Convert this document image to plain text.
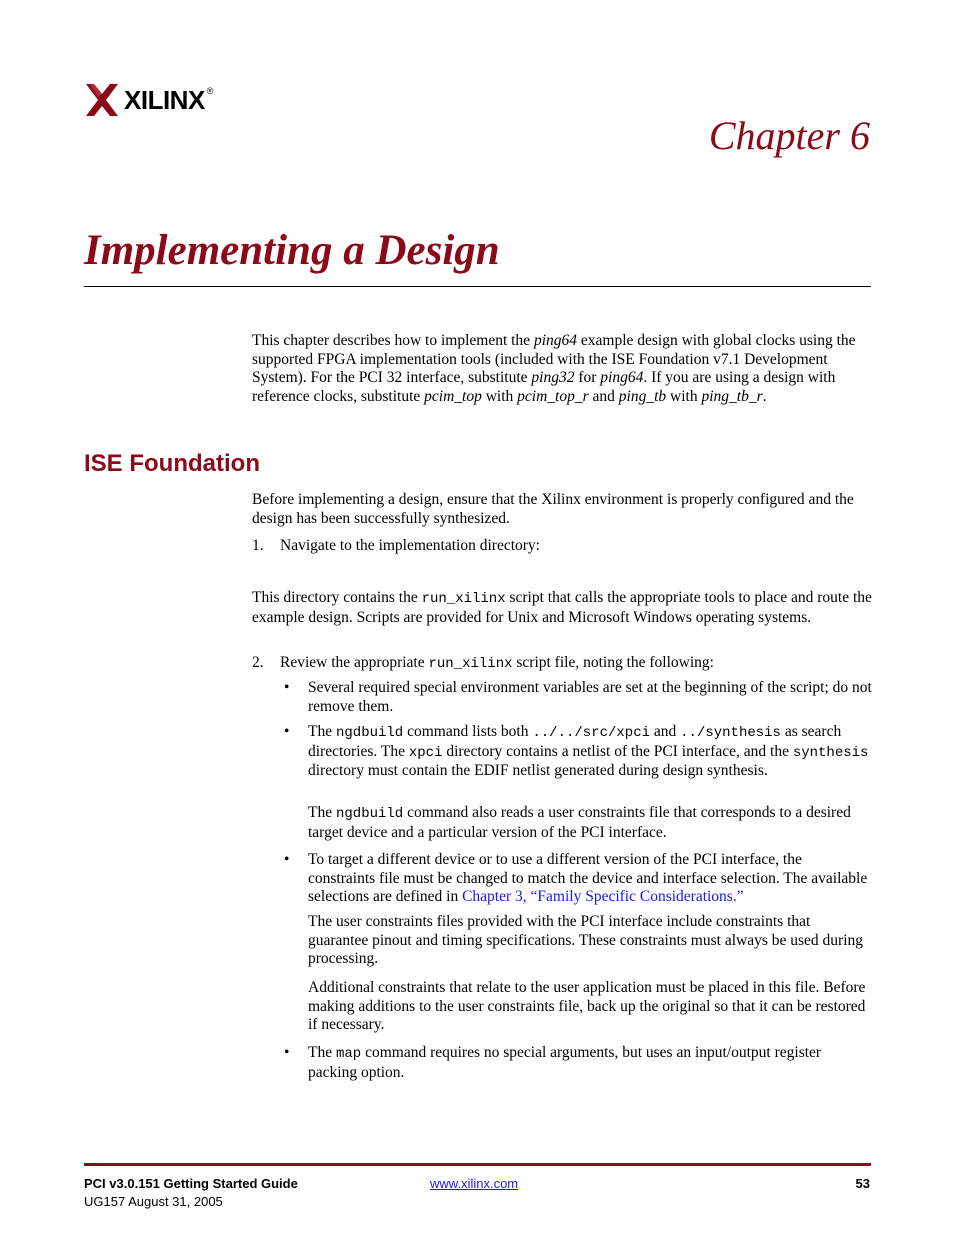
XILINX ®
Chapter 6
Implementing a Design

This chapter describes how to implement the ping64 example design with global clocks using the supported FPGA implementation tools (included with the ISE Foundation v7.1 Development System). For the PCI 32 interface, substitute ping32 for ping64. If you are using a design with reference clocks, substitute pcim_top with pcim_top_r and ping_tb with ping_tb_r.

ISE Foundation

Before implementing a design, ensure that the Xilinx environment is properly configured and the design has been successfully synthesized.

1. Navigate to the implementation directory:

This directory contains the run_xilinx script that calls the appropriate tools to place and route the example design. Scripts are provided for Unix and Microsoft Windows operating systems.

2. Review the appropriate run_xilinx script file, noting the following:
• Several required special environment variables are set at the beginning of the script; do not remove them.

• The ngdbuild command lists both ../../src/xpci and ../synthesis as search directories. The xpci directory contains a netlist of the PCI interface, and the synthesis directory must contain the EDIF netlist generated during design synthesis.

The ngdbuild command also reads a user constraints file that corresponds to a desired target device and a particular version of the PCI interface.

• To target a different device or to use a different version of the PCI interface, the constraints file must be changed to match the device and interface selection. The available selections are defined in Chapter 3, “Family Specific Considerations.”

The user constraints files provided with the PCI interface include constraints that guarantee pinout and timing specifications. These constraints must always be used during processing.

Additional constraints that relate to the user application must be placed in this file. Before making additions to the user constraints file, back up the original so that it can be restored if necessary.

• The map command requires no special arguments, but uses an input/output register packing option.

PCI v3.0.151 Getting Started Guide
UG157 August 31, 2005
www.xilinx.com	53
